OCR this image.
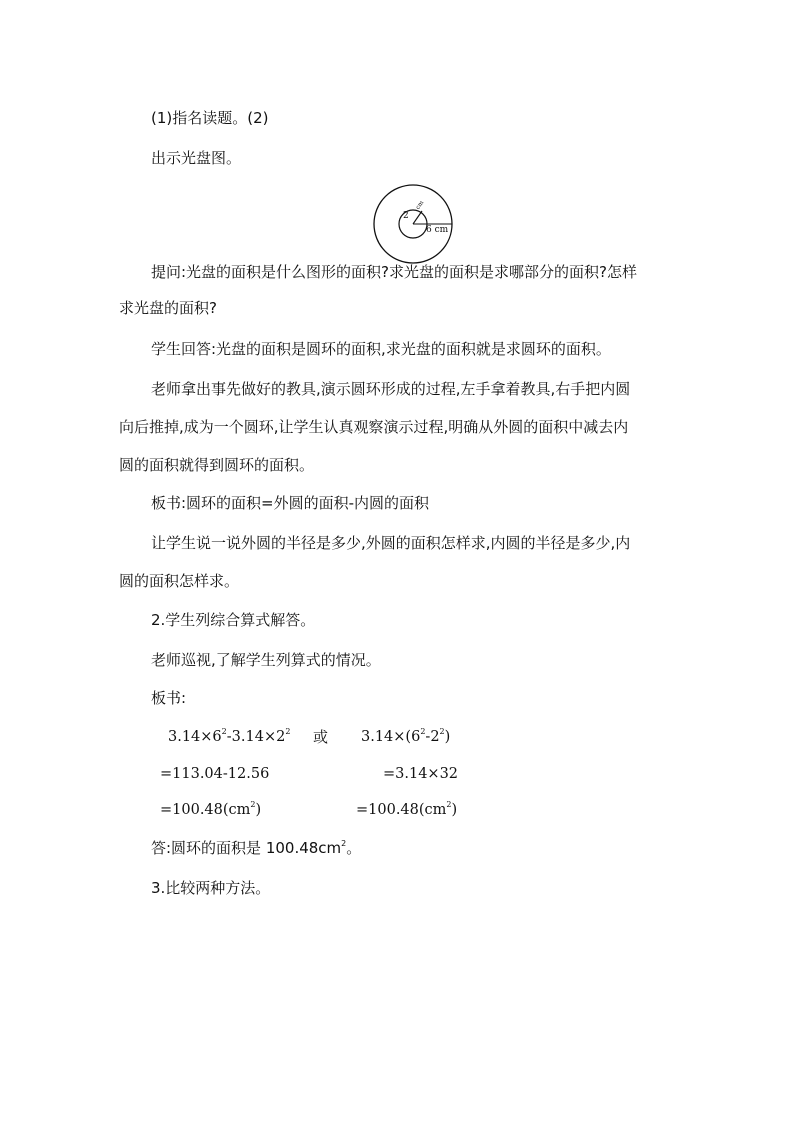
(1)指名读题。(2)
出示光盘图。
6 cm
2
cm
提问:光盘的面积是什么图形的面积?求光盘的面积是求哪部分的面积?怎样
求光盘的面积?
学生回答:光盘的面积是圆环的面积,求光盘的面积就是求圆环的面积。
老师拿出事先做好的教具,演示圆环形成的过程,左手拿着教具,右手把内圆
向后推掉,成为一个圆环,让学生认真观察演示过程,明确从外圆的面积中减去内
圆的面积就得到圆环的面积。
板书:圆环的面积=外圆的面积-内圆的面积
让学生说一说外圆的半径是多少,外圆的面积怎样求,内圆的半径是多少,内
圆的面积怎样求。
2.学生列综合算式解答。
老师巡视,了解学生列算式的情况。
板书:
$3.14\times 6^2-3.14\times 2^2$ 或 $3.14\times(6^2-2^2)$
=113.04-12.56	=3.14×32
$=100.48(cm^2)$	$=100.48(cm^2)$
答:圆环的面积是 $100.48cm^2$。
3.比较两种方法。
